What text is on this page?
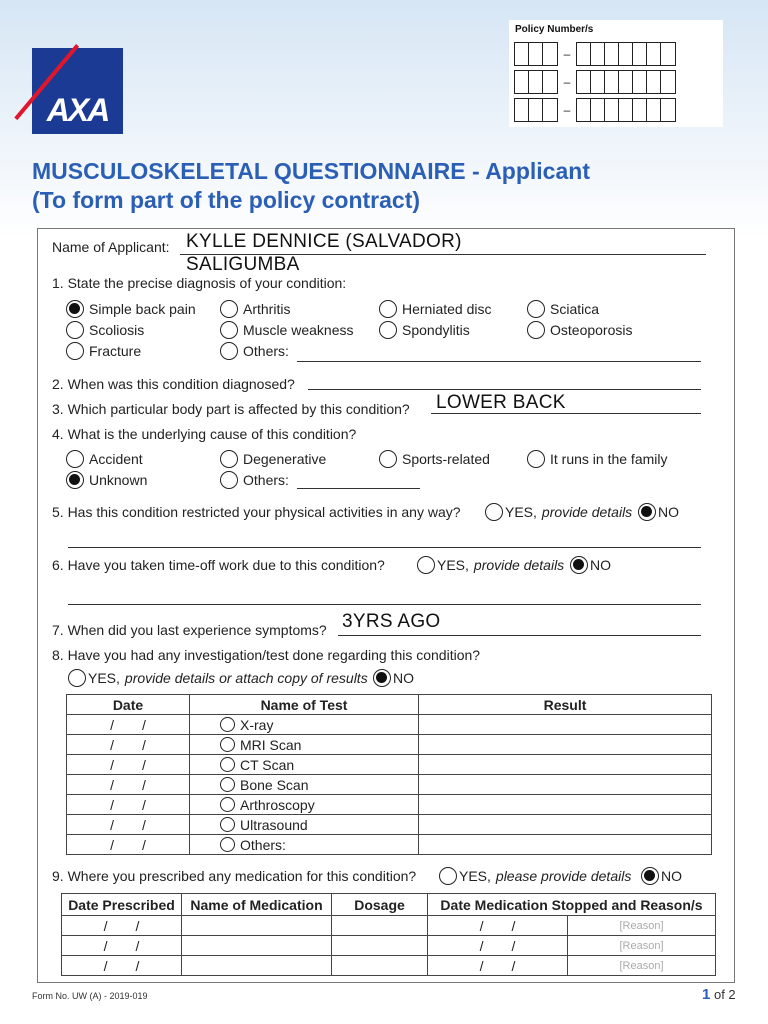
AXA
Policy Number/s
–
–
–
MUSCULOSKELETAL QUESTIONNAIRE - Applicant
(To form part of the policy contract)
Name of Applicant: KYLLE DENNICE (SALVADOR)
SALIGUMBA
1. State the precise diagnosis of your condition:
Simple back pain	Arthritis	Herniated disc	Sciatica
Scoliosis	Muscle weakness	Spondylitis	Osteoporosis
Fracture	Others:
2. When was this condition diagnosed?
3. Which particular body part is affected by this condition? LOWER BACK
4. What is the underlying cause of this condition?
Accident	Degenerative	Sports-related	It runs in the family
Unknown	Others:
5. Has this condition restricted your physical activities in any way?	YES, provide details NO
6. Have you taken time-off work due to this condition?	YES, provide details NO
7. When did you last experience symptoms? 3YRS AGO
8. Have you had any investigation/test done regarding this condition?
YES, provide details or attach copy of results NO
Date	Name of Test	Result

/ /	X-ray	

/ /	MRI Scan	

/ /	CT Scan	

/ /	Bone Scan	

/ /	Arthroscopy	

/ /	Ultrasound	

/ /	Others:	

9. Where you prescribed any medication for this condition?	YES, please provide details NO
Date Prescribed	Name of Medication	Dosage	Date Medication Stopped and Reason/s	

/ /			/ /	[Reason]

/ /			/ /	[Reason]

/ /			/ /	[Reason]
Form No. UW (A) - 2019-019	1 of 2
